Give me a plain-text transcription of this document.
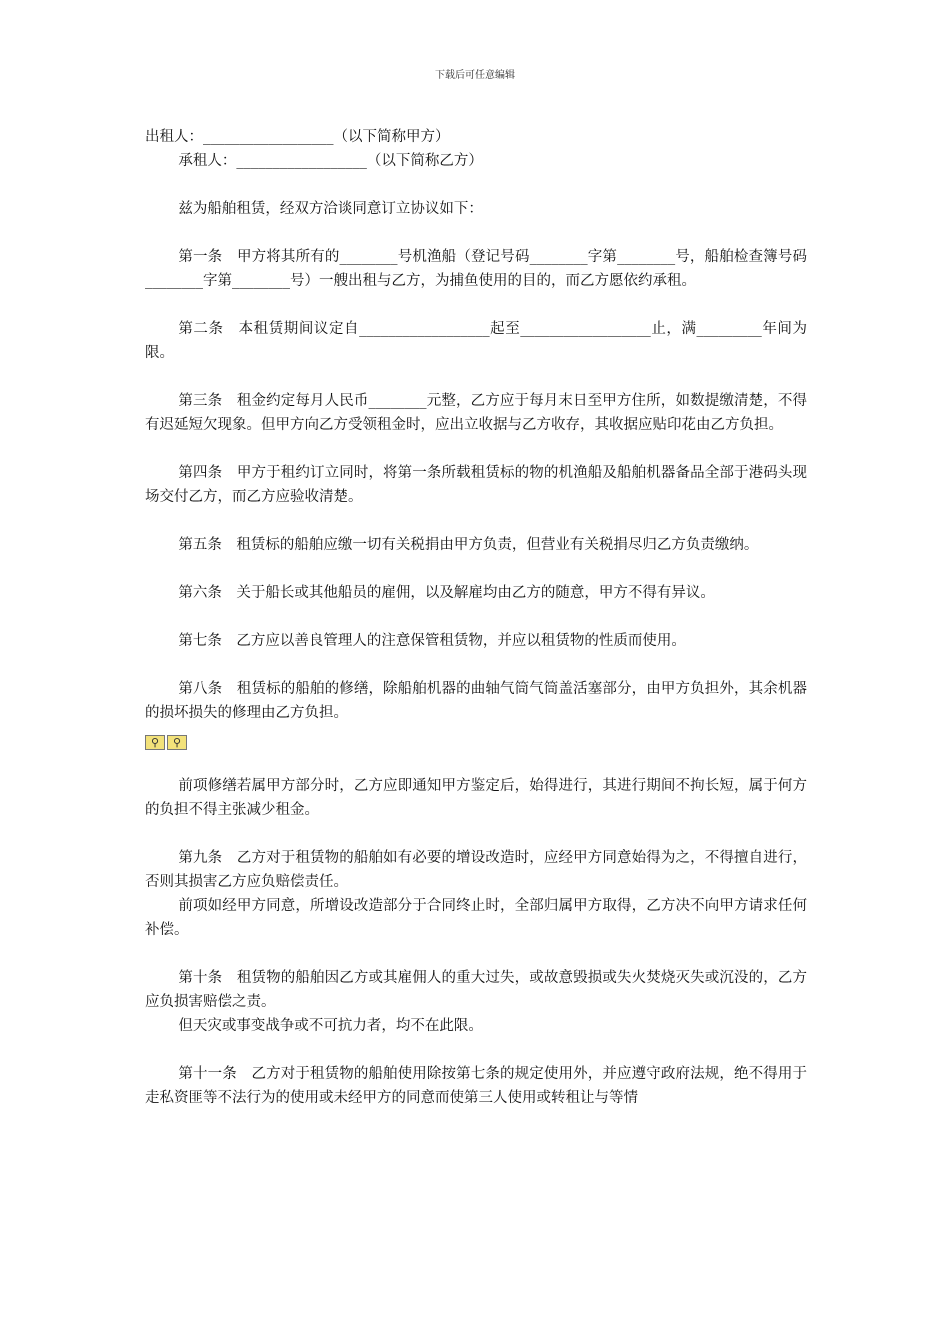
下载后可任意编辑

出租人：__________________（以下简称甲方）

承租人：__________________（以下简称乙方）

兹为船舶租赁，经双方洽谈同意订立协议如下：

第一条　甲方将其所有的________号机渔船（登记号码________字第________号，船舶检查簿号码________字第________号）一艘出租与乙方，为捕鱼使用的目的，而乙方愿依约承租。

第二条　本租赁期间议定自__________________起至__________________止，满_________年间为限。

第三条　租金约定每月人民币________元整，乙方应于每月末日至甲方住所，如数提缴清楚，不得有迟延短欠现象。但甲方向乙方受领租金时，应出立收据与乙方收存，其收据应贴印花由乙方负担。

第四条　甲方于租约订立同时，将第一条所载租赁标的物的机渔船及船舶机器备品全部于港码头现场交付乙方，而乙方应验收清楚。

第五条　租赁标的船舶应缴一切有关税捐由甲方负责，但营业有关税捐尽归乙方负责缴纳。

第六条　关于船长或其他船员的雇佣，以及解雇均由乙方的随意，甲方不得有异议。

第七条　乙方应以善良管理人的注意保管租赁物，并应以租赁物的性质而使用。

第八条　租赁标的船舶的修缮，除船舶机器的曲轴气筒气筒盖活塞部分，由甲方负担外，其余机器的损坏损失的修理由乙方负担。

⚲	⚲

前项修缮若属甲方部分时，乙方应即通知甲方鉴定后，始得进行，其进行期间不拘长短，属于何方的负担不得主张减少租金。

第九条　乙方对于租赁物的船舶如有必要的增设改造时，应经甲方同意始得为之，不得擅自进行，否则其损害乙方应负赔偿责任。

前项如经甲方同意，所增设改造部分于合同终止时，全部归属甲方取得，乙方决不向甲方请求任何补偿。

第十条　租赁物的船舶因乙方或其雇佣人的重大过失，或故意毁损或失火焚烧灭失或沉没的，乙方应负损害赔偿之责。

但天灾或事变战争或不可抗力者，均不在此限。

第十一条　乙方对于租赁物的船舶使用除按第七条的规定使用外，并应遵守政府法规，绝不得用于走私资匪等不法行为的使用或未经甲方的同意而使第三人使用或转租让与等情
